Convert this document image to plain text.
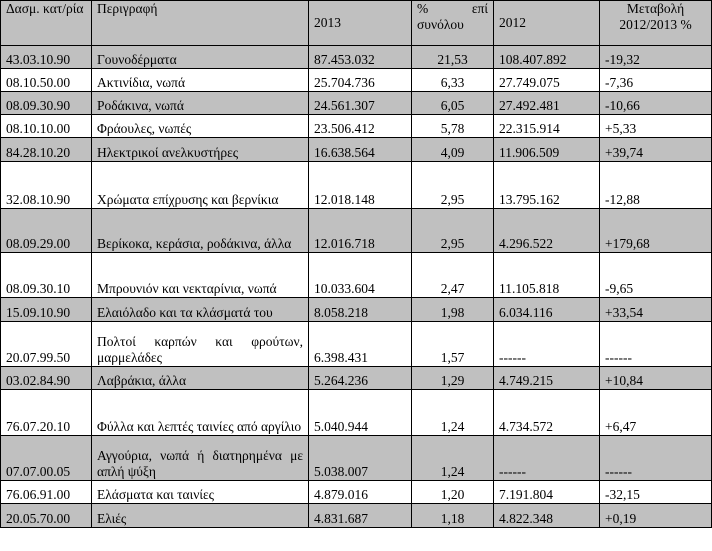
Δασμ. κατ/ρία	Περιγραφή	2013	% επί συνόλου	2012	Μεταβολή 2012/2013 %
43.03.10.90	Γουνοδέρματα	87.453.032	21,53	108.407.892	-19,32
08.10.50.00	Ακτινίδια, νωπά	25.704.736	6,33	27.749.075	-7,36
08.09.30.90	Ροδάκινα, νωπά	24.561.307	6,05	27.492.481	-10,66
08.10.10.00	Φράουλες, νωπές	23.506.412	5,78	22.315.914	+5,33
84.28.10.20	Ηλεκτρικοί ανελκυστήρες	16.638.564	4,09	11.906.509	+39,74
32.08.10.90	Χρώματα επίχρυσης και βερνίκια	12.018.148	2,95	13.795.162	-12,88
08.09.29.00	Βερίκοκα, κεράσια, ροδάκινα, άλλα	12.016.718	2,95	4.296.522	+179,68
08.09.30.10	Μπρουνιόν και νεκταρίνια, νωπά	10.033.604	2,47	11.105.818	-9,65
15.09.10.90	Ελαιόλαδο και τα κλάσματά του	8.058.218	1,98	6.034.116	+33,54
20.07.99.50	Πολτοί καρπών και φρούτων, μαρμελάδες	6.398.431	1,57	------	------
03.02.84.90	Λαβράκια, άλλα	5.264.236	1,29	4.749.215	+10,84
76.07.20.10	Φύλλα και λεπτές ταινίες από αργίλιο	5.040.944	1,24	4.734.572	+6,47
07.07.00.05	Αγγούρια, νωπά ή διατηρημένα με απλή ψύξη	5.038.007	1,24	------	------
76.06.91.00	Ελάσματα και ταινίες	4.879.016	1,20	7.191.804	-32,15
20.05.70.00	Ελιές	4.831.687	1,18	4.822.348	+0,19
